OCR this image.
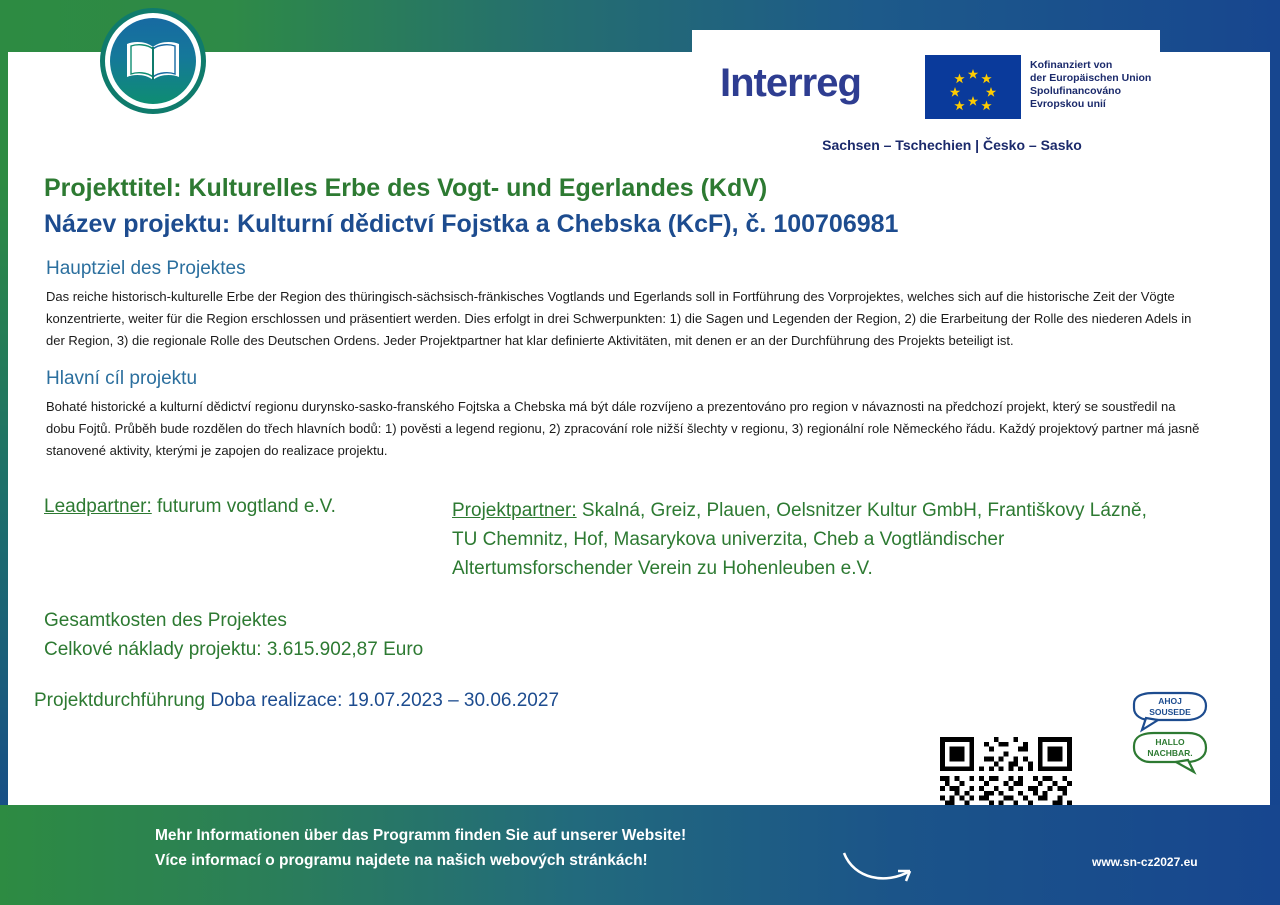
Interreg	Kofinanziert von
der Europäischen Union
Spolufinancováno
Evropskou unií
Sachsen – Tschechien | Česko – Sasko
Projekttitel: Kulturelles Erbe des Vogt- und Egerlandes (KdV)
Název projektu: Kulturní dědictví Fojstka a Chebska (KcF), č. 100706981
Hauptziel des Projektes
Das reiche historisch-kulturelle Erbe der Region des thüringisch-sächsisch-fränkisches Vogtlands und Egerlands soll in Fortführung des Vorprojektes, welches sich auf die historische Zeit der Vögte konzentrierte, weiter für die Region erschlossen und präsentiert werden. Dies erfolgt in drei Schwerpunkten: 1) die Sagen und Legenden der Region, 2) die Erarbeitung der Rolle des niederen Adels in der Region, 3) die regionale Rolle des Deutschen Ordens. Jeder Projektpartner hat klar definierte Aktivitäten, mit denen er an der Durchführung des Projekts beteiligt ist.
Hlavní cíl projektu
Bohaté historické a kulturní dědictví regionu durynsko-sasko-franského Fojtska a Chebska má být dále rozvíjeno a prezentováno pro region v návaznosti na předchozí projekt, který se soustředil na dobu Fojtů. Průběh bude rozdělen do třech hlavních bodů: 1) pověsti a legend regionu, 2) zpracování role nižší šlechty v regionu, 3) regionální role Německého řádu. Každý projektový partner má jasně stanovené aktivity, kterými je zapojen do realizace projektu.
Leadpartner: futurum vogtland e.V.	Projektpartner: Skalná, Greiz, Plauen, Oelsnitzer Kultur GmbH, Františkovy Lázně, TU Chemnitz, Hof, Masarykova univerzita, Cheb a Vogtländischer Altertumsforschender Verein zu Hohenleuben e.V.
Gesamtkosten des Projektes
Celkové náklady projektu: 3.615.902,87 Euro
Projektdurchführung Doba realizace: 19.07.2023 – 30.06.2027	AHOJ
SOUSEDE
HALLO
NACHBAR.
Mehr Informationen über das Programm finden Sie auf unserer Website!
Více informací o programu najdete na našich webových stránkách!	www.sn-cz2027.eu
